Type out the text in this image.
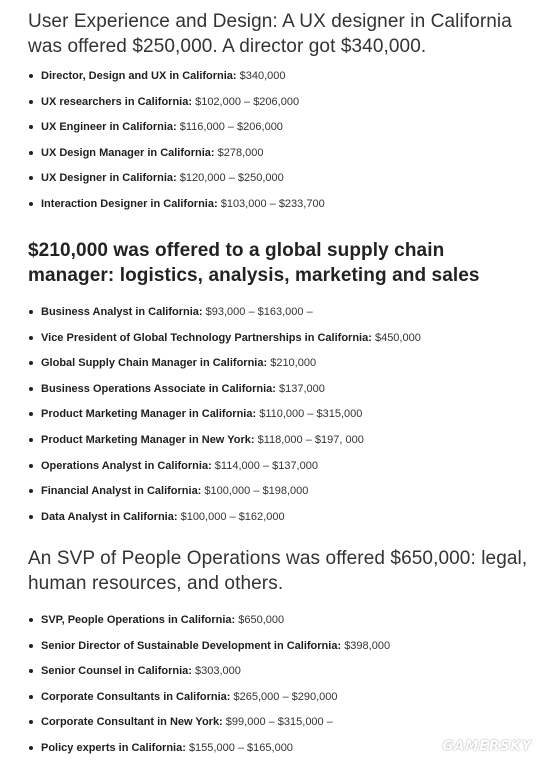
User Experience and Design: A UX designer in California was offered $250,000. A director got $340,000.
Director, Design and UX in California: $340,000
UX researchers in California: $102,000 – $206,000
UX Engineer in California: $116,000 – $206,000
UX Design Manager in California: $278,000
UX Designer in California: $120,000 – $250,000
Interaction Designer in California: $103,000 – $233,700
$210,000 was offered to a global supply chain manager: logistics, analysis, marketing and sales
Business Analyst in California: $93,000 – $163,000 –
Vice President of Global Technology Partnerships in California: $450,000
Global Supply Chain Manager in California: $210,000
Business Operations Associate in California: $137,000
Product Marketing Manager in California: $110,000 – $315,000
Product Marketing Manager in New York: $118,000 – $197, 000
Operations Analyst in California: $114,000 – $137,000
Financial Analyst in California: $100,000 – $198,000
Data Analyst in California: $100,000 – $162,000
An SVP of People Operations was offered $650,000: legal, human resources, and others.
SVP, People Operations in California: $650,000
Senior Director of Sustainable Development in California: $398,000
Senior Counsel in California: $303,000
Corporate Consultants in California: $265,000 – $290,000
Corporate Consultant in New York: $99,000 – $315,000 –
Policy experts in California: $155,000 – $165,000	GAMERSKY
